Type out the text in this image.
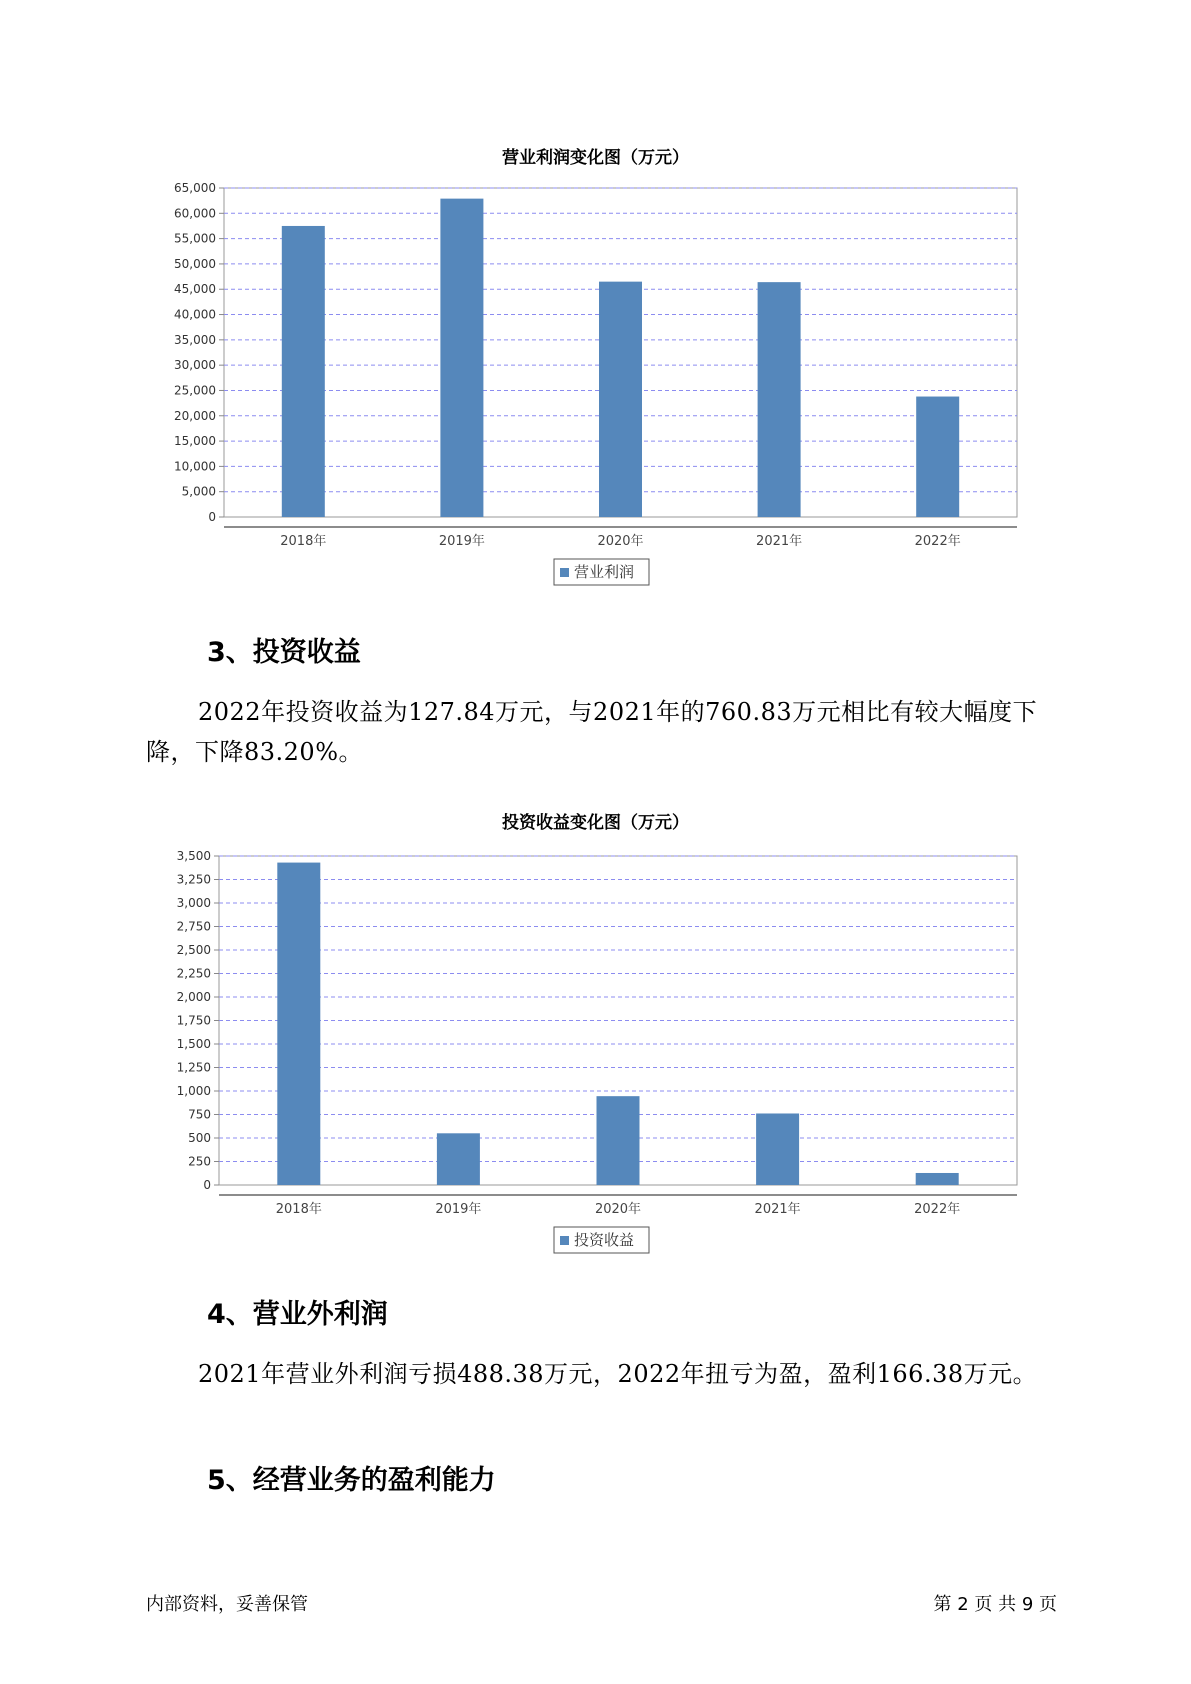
营业利润变化图（万元）
0
5,000
10,000
15,000
20,000
25,000
30,000
35,000
40,000
45,000
50,000
55,000
60,000
65,000
2018年	2019年	2020年	2021年	2022年
营业利润
3、投资收益
2022年投资收益为127.84万元，与2021年的760.83万元相比有较大幅度下降，下降83.20%。
投资收益变化图（万元）
0
250
500
750
1,000
1,250
1,500
1,750
2,000
2,250
2,500
2,750
3,000
3,250
3,500
2018年	2019年	2020年	2021年	2022年
投资收益
4、营业外利润
2021年营业外利润亏损488.38万元，2022年扭亏为盈，盈利166.38万元。
5、经营业务的盈利能力
内部资料，妥善保管	第 2 页 共 9 页
